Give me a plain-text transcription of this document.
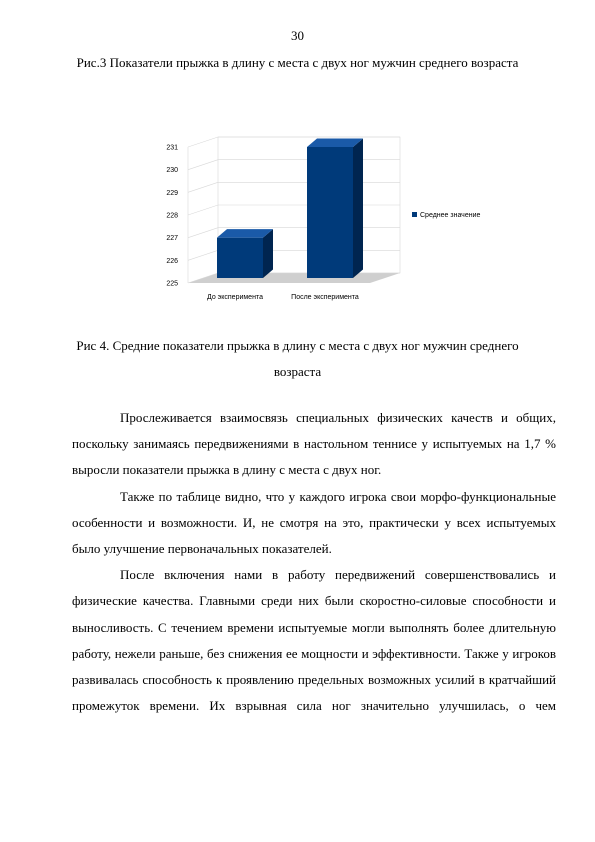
30
Рис.3 Показатели прыжка в длину с места с двух ног мужчин среднего возраста
225
226
227
228
229
230
231
До эксперимента	После эксперимента
Среднее значение
Рис 4. Средние показатели прыжка в длину с места с двух ног мужчин среднего возраста

Прослеживается взаимосвязь специальных физических качеств и общих, поскольку занимаясь передвижениями в настольном теннисе у испытуемых на 1,7 % выросли показатели прыжка в длину с места с двух ног.

Также по таблице видно, что у каждого игрока свои морфо-функциональные особенности и возможности. И, не смотря на это, практически у всех испытуемых было улучшение первоначальных показателей.

После включения нами в работу передвижений совершенствовались и физические качества. Главными среди них были скоростно-силовые способности и выносливость. С течением времени испытуемые могли выполнять более длительную работу, нежели раньше, без снижения ее мощности и эффективности. Также у игроков развивалась способность к проявлению предельных возможных усилий в кратчайший промежуток времени. Их взрывная сила ног значительно улучшилась, о чем
